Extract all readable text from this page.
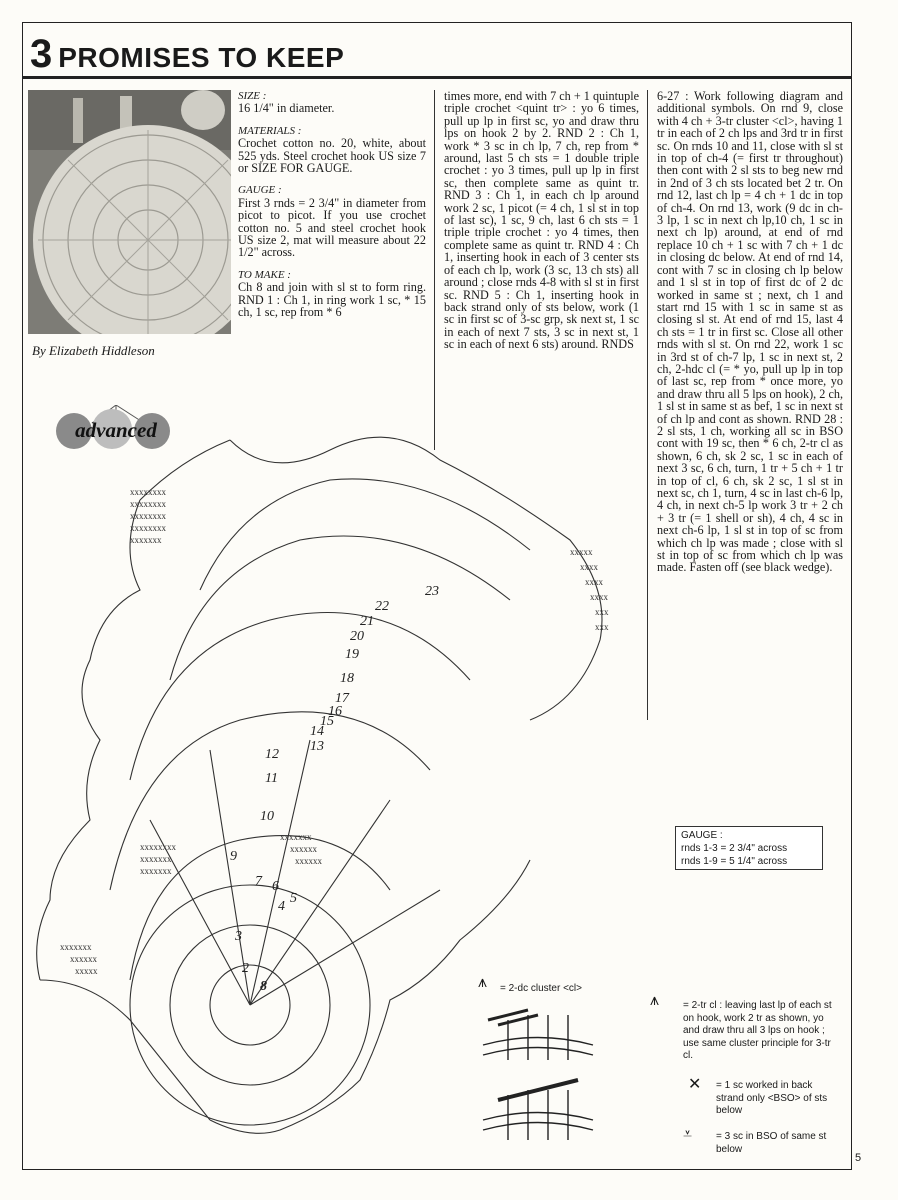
3 PROMISES TO KEEP
By Elizabeth Hiddleson
advanced

SIZE :

16 1/4" in diameter.

MATERIALS :

Crochet cotton no. 20, white, about 525 yds. Steel crochet hook US size 7 or SIZE FOR GAUGE.

GAUGE :

First 3 rnds = 2 3/4" in diameter from picot to picot. If you use crochet cotton no. 5 and steel crochet hook US size 2, mat will measure about 22 1/2" across.

TO MAKE :

Ch 8 and join with sl st to form ring. RND 1 : Ch 1, in ring work 1 sc, * 15 ch, 1 sc, rep from * 6

times more, end with 7 ch + 1 quintuple triple crochet <quint tr> : yo 6 times, pull up lp in first sc, yo and draw thru lps on hook 2 by 2. RND 2 : Ch 1, work * 3 sc in ch lp, 7 ch, rep from * around, last 5 ch sts = 1 double triple crochet : yo 3 times, pull up lp in first sc, then complete same as quint tr. RND 3 : Ch 1, in each ch lp around work 2 sc, 1 picot (= 4 ch, 1 sl st in top of last sc), 1 sc, 9 ch, last 6 ch sts = 1 triple triple crochet : yo 4 times, then complete same as quint tr. RND 4 : Ch 1, inserting hook in each of 3 center sts of each ch lp, work (3 sc, 13 ch sts) all around ; close rnds 4-8 with sl st in first sc. RND 5 : Ch 1, inserting hook in back strand only of sts below, work (1 sc in first sc of 3-sc grp, sk next st, 1 sc in each of next 7 sts, 3 sc in next st, 1 sc in each of next 6 sts) around. RNDS

6-27 : Work following diagram and additional symbols. On rnd 9, close with 4 ch + 3-tr cluster <cl>, having 1 tr in each of 2 ch lps and 3rd tr in first sc. On rnds 10 and 11, close with sl st in top of ch-4 (= first tr throughout) then cont with 2 sl sts to beg new rnd in 2nd of 3 ch sts located bet 2 tr. On rnd 12, last ch lp = 4 ch + 1 dc in top of ch-4. On rnd 13, work (9 dc in ch-3 lp, 1 sc in next ch lp,10 ch, 1 sc in next ch lp) around, at end of rnd replace 10 ch + 1 sc with 7 ch + 1 dc in closing dc below. At end of rnd 14, cont with 7 sc in closing ch lp below and 1 sl st in top of first dc of 2 dc worked in same st ; next, ch 1 and start rnd 15 with 1 sc in same st as closing sl st. At end of rnd 15, last 4 ch sts = 1 tr in first sc. Close all other rnds with sl st. On rnd 22, work 1 sc in 3rd st of ch-7 lp, 1 sc in next st, 2 ch, 2-hdc cl (= * yo, pull up lp in top of last sc, rep from * once more, yo and draw thru all 5 lps on hook), 2 ch, 1 sl st in same st as bef, 1 sc in next st of ch lp and cont as shown. RND 28 : 2 sl sts, 1 ch, working all sc in BSO cont with 19 sc, then * 6 ch, 2-tr cl as shown, 6 ch, sk 2 sc, 1 sc in each of next 3 sc, 6 ch, turn, 1 tr + 5 ch + 1 tr in top of cl, 6 ch, sk 2 sc, 1 sl st in next sc, ch 1, turn, 4 sc in last ch-6 lp, 4 ch, in next ch-5 lp work 3 tr + 2 ch + 3 tr (= 1 shell or sh), 4 ch, 4 sc in next ch-6 lp, 1 sl st in top of sc from which ch lp was made ; close with sl st in top of sc from which ch lp was made. Fasten off (see black wedge).

xxxxxxxx
xxxxxxxx
xxxxxxxx
xxxxxxxx
xxxxxxx
xxxxx
xxxx
xxxx
xxxx
xxx
xxx
xxxxxxxx
xxxxxxx
xxxxxxx
xxxxxxx
xxxxxx
xxxxxx
xxxxxxx
xxxxxx
xxxxx	2
3
4
5
6
7
8
9
10
11
12
13
14
15
16
17
18
19
20
21
22
23
GAUGE :
rnds 1-3 = 2 3/4" across
rnds 1-9 = 5 1/4" across
⩚ = 2-dc cluster <cl>
⩚ = 2-tr cl : leaving last lp of each st on hook, work 2 tr as shown, yo and draw thru all 3 lps on hook ; use same cluster principle for 3-tr cl.
✕ = 1 sc worked in back strand only <BSO> of sts below
⩡ = 3 sc in BSO of same st below
5
